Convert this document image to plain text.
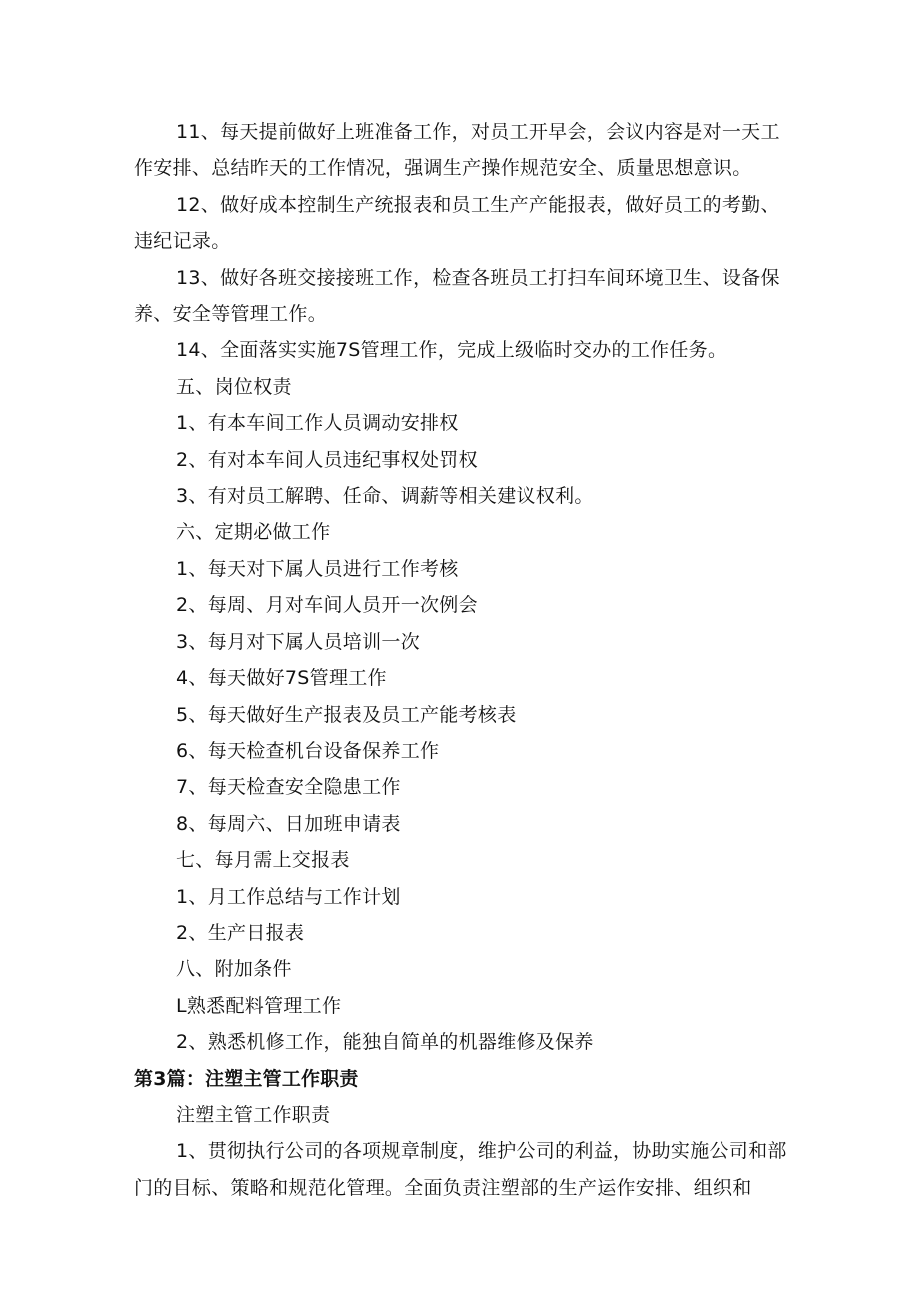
11、每天提前做好上班准备工作，对员工开早会，会议内容是对一天工作安排、总结昨天的工作情况，强调生产操作规范安全、质量思想意识。

12、做好成本控制生产统报表和员工生产产能报表，做好员工的考勤、违纪记录。

13、做好各班交接接班工作，检查各班员工打扫车间环境卫生、设备保养、安全等管理工作。

14、全面落实实施7S管理工作，完成上级临时交办的工作任务。

五、岗位权责

1、有本车间工作人员调动安排权

2、有对本车间人员违纪事权处罚权

3、有对员工解聘、任命、调薪等相关建议权利。

六、定期必做工作

1、每天对下属人员进行工作考核

2、每周、月对车间人员开一次例会

3、每月对下属人员培训一次

4、每天做好7S管理工作

5、每天做好生产报表及员工产能考核表

6、每天检查机台设备保养工作

7、每天检查安全隐患工作

8、每周六、日加班申请表

七、每月需上交报表

1、月工作总结与工作计划

2、生产日报表

八、附加条件

L熟悉配料管理工作

2、熟悉机修工作，能独自简单的机器维修及保养

第3篇：注塑主管工作职责

注塑主管工作职责

1、贯彻执行公司的各项规章制度，维护公司的利益，协助实施公司和部门的目标、策略和规范化管理。全面负责注塑部的生产运作安排、组织和
